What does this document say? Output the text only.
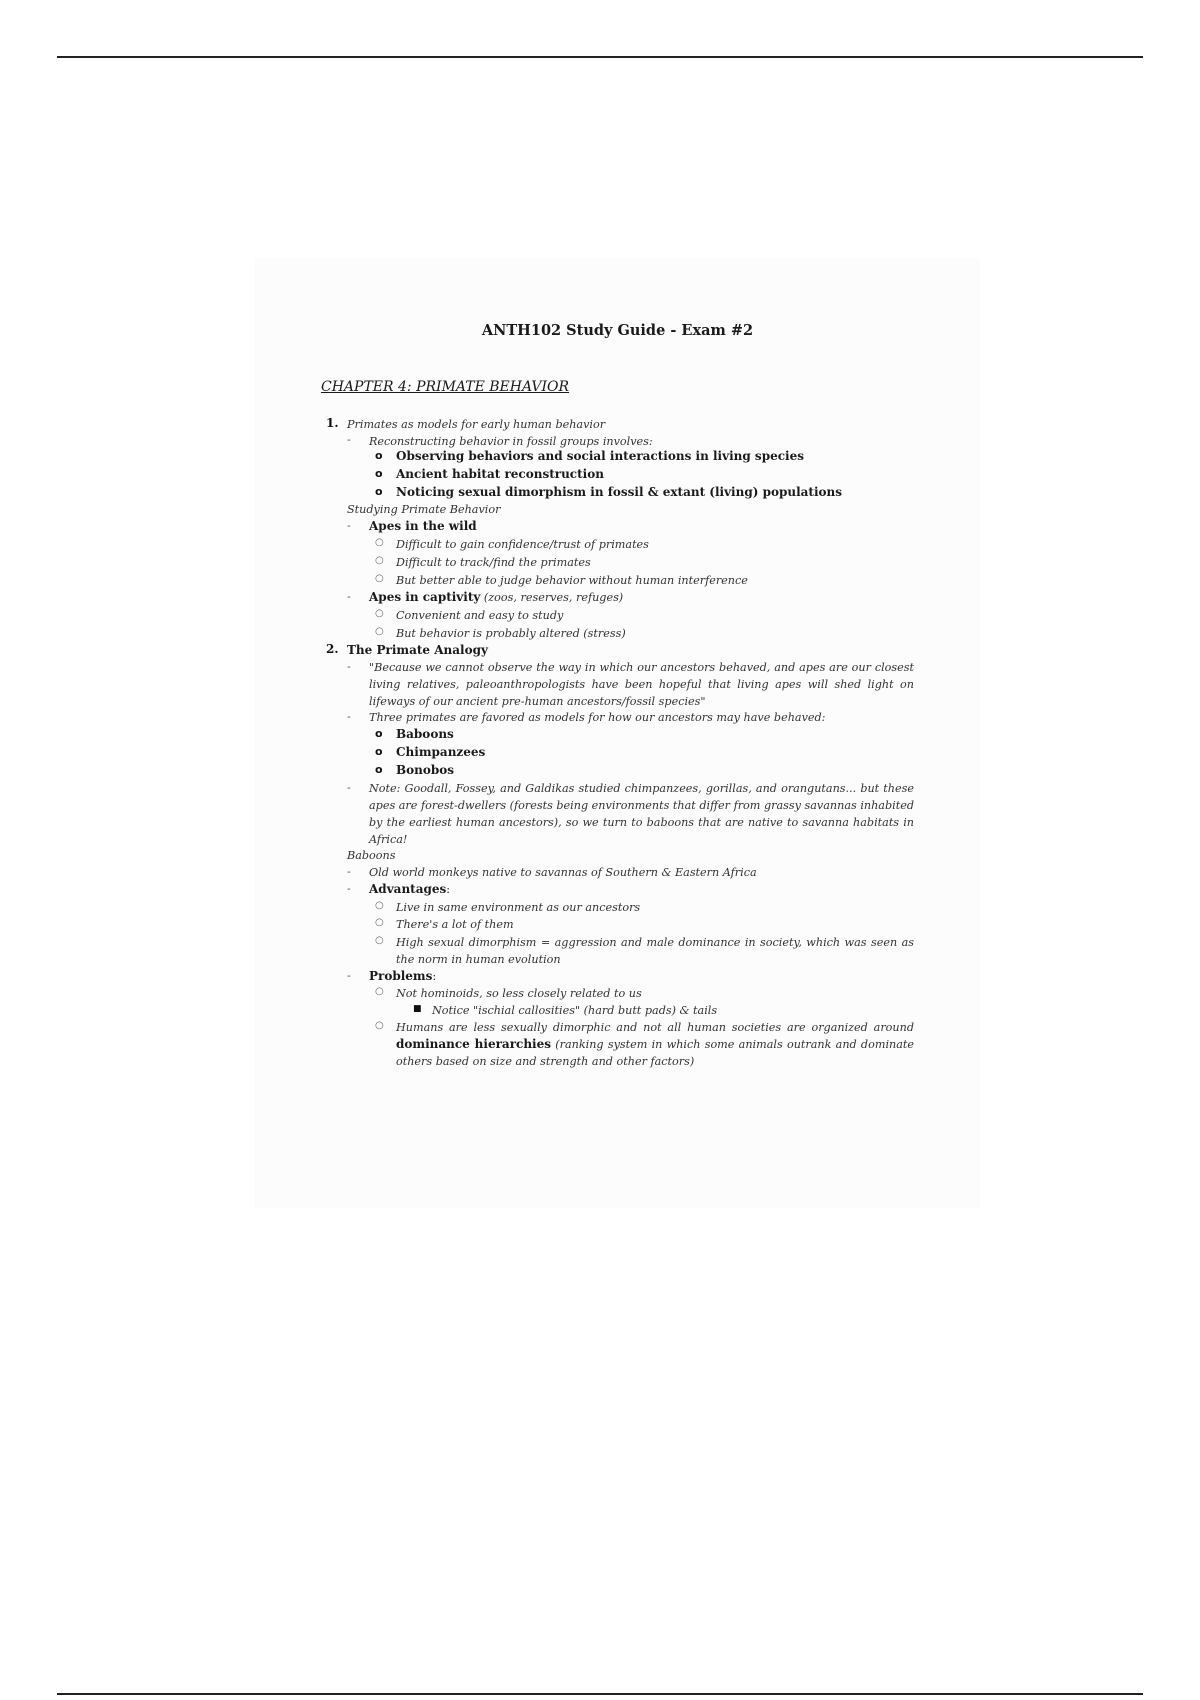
ANTH102 Study Guide - Exam #2
CHAPTER 4: PRIMATE BEHAVIOR
1. Primates as models for early human behavior
- Reconstructing behavior in fossil groups involves:
o Observing behaviors and social interactions in living species
o Ancient habitat reconstruction
o Noticing sexual dimorphism in fossil & extant (living) populations
Studying Primate Behavior
- Apes in the wild
○ Difficult to gain confidence/trust of primates
○ Difficult to track/find the primates
○ But better able to judge behavior without human interference
- Apes in captivity (zoos, reserves, refuges)
○ Convenient and easy to study
○ But behavior is probably altered (stress)
2. The Primate Analogy
- "Because we cannot observe the way in which our ancestors behaved, and apes are our closest living relatives, paleoanthropologists have been hopeful that living apes will shed light on lifeways of our ancient pre-human ancestors/fossil species"
- Three primates are favored as models for how our ancestors may have behaved:
o Baboons
o Chimpanzees
o Bonobos
- Note: Goodall, Fossey, and Galdikas studied chimpanzees, gorillas, and orangutans... but these apes are forest-dwellers (forests being environments that differ from grassy savannas inhabited by the earliest human ancestors), so we turn to baboons that are native to savanna habitats in Africa!
Baboons
- Old world monkeys native to savannas of Southern & Eastern Africa
- Advantages:
○ Live in same environment as our ancestors
○ There's a lot of them
○ High sexual dimorphism = aggression and male dominance in society, which was seen as the norm in human evolution
- Problems:
○ Not hominoids, so less closely related to us
■ Notice "ischial callosities" (hard butt pads) & tails
○ Humans are less sexually dimorphic and not all human societies are organized around dominance hierarchies (ranking system in which some animals outrank and dominate others based on size and strength and other factors)
